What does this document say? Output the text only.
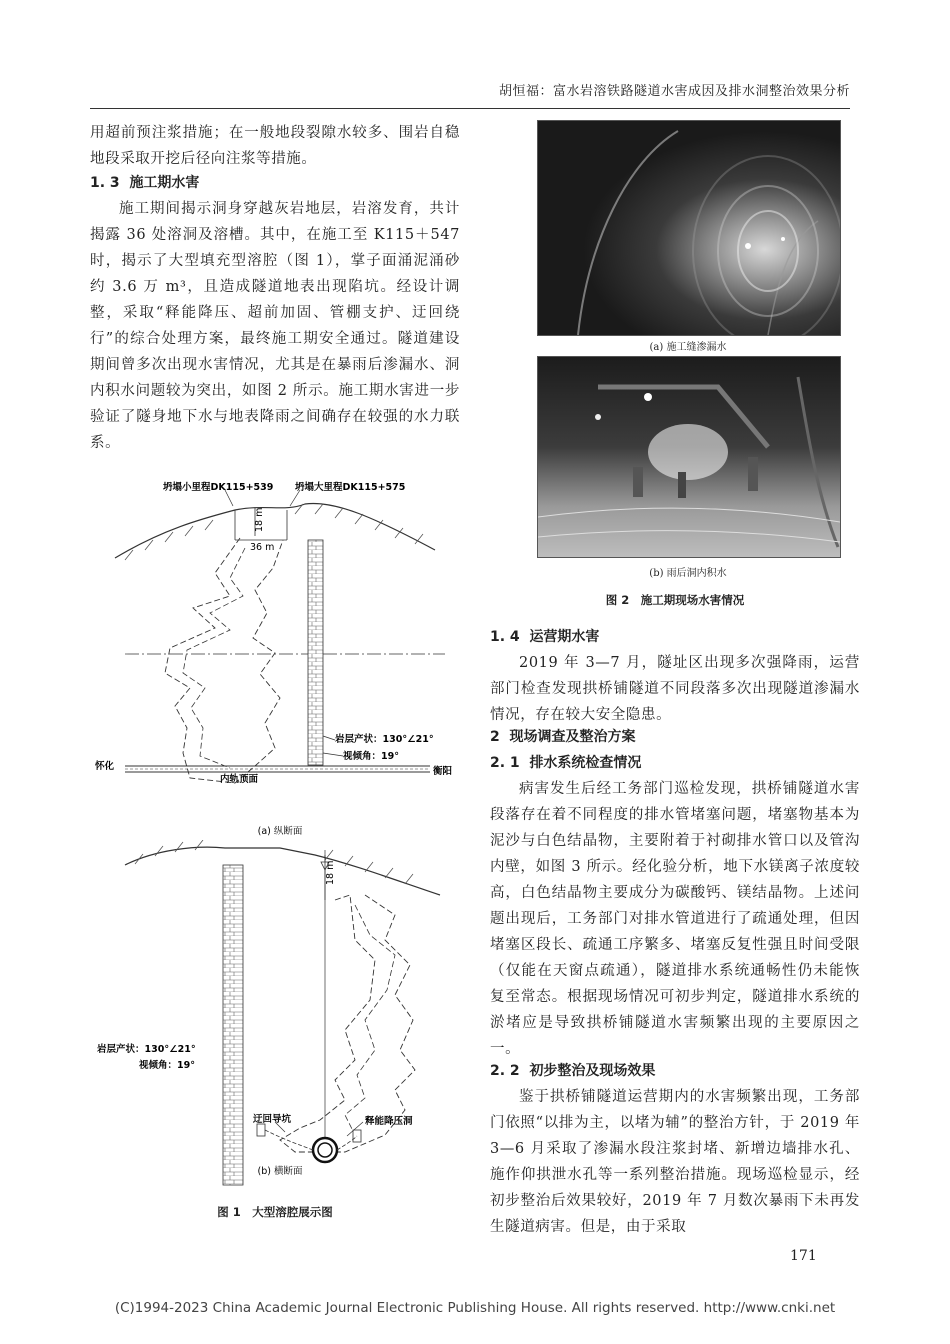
胡恒福：富水岩溶铁路隧道水害成因及排水洞整治效果分析
用超前预注浆措施；在一般地段裂隙水较多、围岩自稳地段采取开挖后径向注浆等措施。
1. 3 施工期水害
施工期间揭示洞身穿越灰岩地层，岩溶发育，共计揭露 36 处溶洞及溶槽。其中，在施工至 K115＋547 时，揭示了大型填充型溶腔（图 1），掌子面涌泥涌砂约 3.6 万 m³，且造成隧道地表出现陷坑。经设计调整，采取“释能降压、超前加固、管棚支护、迂回绕行”的综合处理方案，最终施工期安全通过。隧道建设期间曾多次出现水害情况，尤其是在暴雨后渗漏水、洞内积水问题较为突出，如图 2 所示。施工期水害进一步验证了隧身地下水与地表降雨之间确存在较强的水力联系。
坍塌小里程DK115+539 坍塌大里程DK115+575
18 m
36 m
岩层产状：130°∠21°
视倾角：19°
怀化	衡阳
内轨顶面
(a) 纵断面
18 m
岩层产状：130°∠21°
视倾角：19°
迂回导坑	释能降压洞
(b) 横断面
图 1　大型溶腔展示图
(a) 施工缝渗漏水
(b) 雨后洞内积水
图 2　施工期现场水害情况
1. 4 运营期水害
2019 年 3—7 月，隧址区出现多次强降雨，运营部门检查发现拱桥铺隧道不同段落多次出现隧道渗漏水情况，存在较大安全隐患。
2 现场调查及整治方案
2. 1 排水系统检查情况
病害发生后经工务部门巡检发现，拱桥铺隧道水害段落存在着不同程度的排水管堵塞问题，堵塞物基本为泥沙与白色结晶物，主要附着于衬砌排水管口以及管沟内壁，如图 3 所示。经化验分析，地下水镁离子浓度较高，白色结晶物主要成分为碳酸钙、镁结晶物。上述问题出现后，工务部门对排水管道进行了疏通处理，但因堵塞区段长、疏通工序繁多、堵塞反复性强且时间受限（仅能在天窗点疏通），隧道排水系统通畅性仍未能恢复至常态。根据现场情况可初步判定，隧道排水系统的淤堵应是导致拱桥铺隧道水害频繁出现的主要原因之一。
2. 2 初步整治及现场效果
鉴于拱桥铺隧道运营期内的水害频繁出现，工务部门依照“以排为主，以堵为辅”的整治方针，于 2019 年 3—6 月采取了渗漏水段注浆封堵、新增边墙排水孔、施作仰拱泄水孔等一系列整治措施。现场巡检显示，经初步整治后效果较好，2019 年 7 月数次暴雨下未再发生隧道病害。但是，由于采取
171
(C)1994-2023 China Academic Journal Electronic Publishing House. All rights reserved. http://www.cnki.net
